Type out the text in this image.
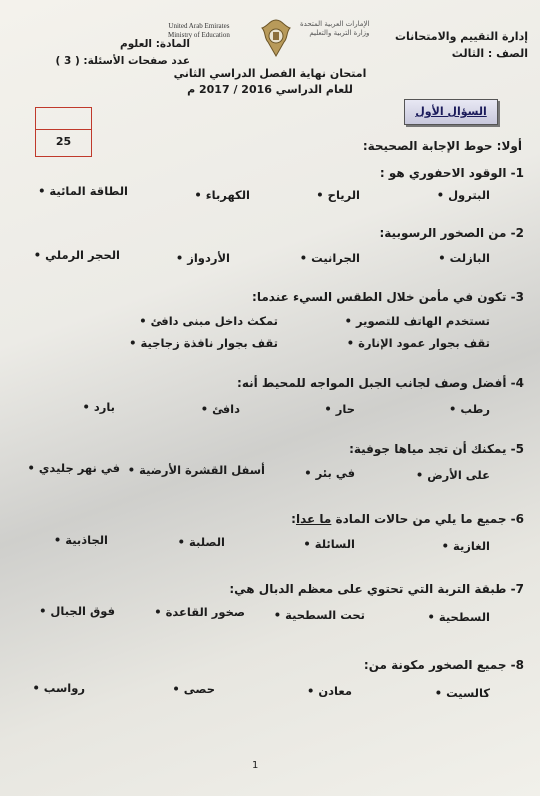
إدارة التقييم والامتحانات
الصف : الثالث
الإمارات العربية المتحدة
وزارة التربية والتعليم
United Arab Emirates
Ministry of Education
المادة: العلوم
عدد صفحات الأسئلة: ( 3 )
امتحان نهاية الفصل الدراسي الثاني
للعام الدراسي 2016 / 2017 م
25
السؤال الأول
أولا: حوط الإجابة الصحيحة:
1- الوقود الاحفوري هو :
البترول •
الرياح •
الكهرباء •
الطاقة المائية •
2- من الصخور الرسوبية:
البازلت •
الجرانيت •
الأردواز •
الحجر الرملي •
3- تكون في مأمن خلال الطقس السيء عندما:
تستخدم الهاتف للتصوير •
تمكث داخل مبنى دافئ •
تقف بجوار عمود الإنارة •
تقف بجوار نافذة زجاجية •
4- أفضل وصف لجانب الجبل المواجه للمحيط أنه:
رطب •
حار •
دافئ •
بارد •
5- يمكنك أن تجد مياها جوفية:
على الأرض •
في بئر •
أسفل القشرة الأرضية •
في نهر جليدي •
6- جميع ما يلي من حالات المادة ما عدا:
الغازية •
السائلة •
الصلبة •
الجاذبية •
7- طبقة التربة التي تحتوي على معظم الدبال هي:
السطحية •
تحت السطحية •
صخور القاعدة •
فوق الجبال •
8- جميع الصخور مكونة من:
كالسيت •
معادن •
حصى •
رواسب •
1
